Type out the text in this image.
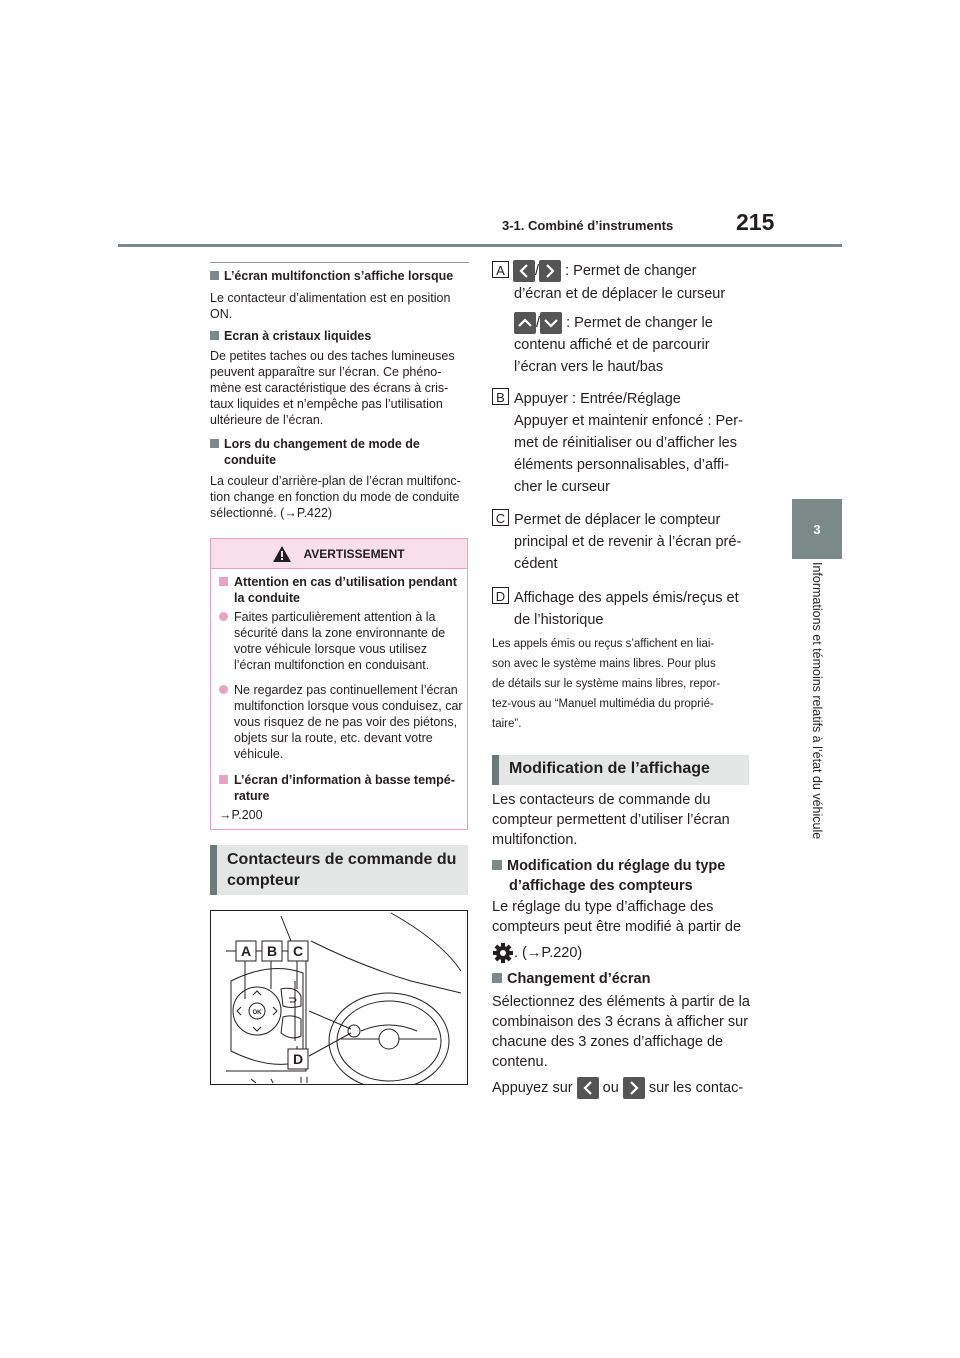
3-1. Combiné d’instruments	215
3
Informations et témoins relatifs à l’état du véhicule
L’écran multifonction s’affiche lorsque
Le contacteur d’alimentation est en position ON.
Ecran à cristaux liquides
De petites taches ou des taches lumineuses peuvent apparaître sur l’écran. Ce phéno-mène est caractéristique des écrans à cris-taux liquides et n’empêche pas l’utilisation ultérieure de l’écran.
Lors du changement de mode de conduite
La couleur d’arrière-plan de l’écran multifonc-tion change en fonction du mode de conduite sélectionné. (→P.422)
AVERTISSEMENT
Attention en cas d’utilisation pendant la conduite
Faites particulièrement attention à la sécurité dans la zone environnante de votre véhicule lorsque vous utilisez l’écran multifonction en conduisant.
Ne regardez pas continuellement l’écran multifonction lorsque vous conduisez, car vous risquez de ne pas voir des piétons, objets sur la route, etc. devant votre véhicule.
L’écran d’information à basse tempé-rature
→P.200
Contacteurs de commande du compteur
OK
A B C
D
A / : Permet de changer
d’écran et de déplacer le curseur
/ : Permet de changer le
contenu affiché et de parcourir
l’écran vers le haut/bas
B Appuyer : Entrée/Réglage
Appuyer et maintenir enfoncé : Per-
met de réinitialiser ou d’afficher les
éléments personnalisables, d’affi-
cher le curseur
C Permet de déplacer le compteur
principal et de revenir à l’écran pré-
cédent
D Affichage des appels émis/reçus et
de l’historique
Les appels émis ou reçus s’affichent en liai-
son avec le système mains libres. Pour plus
de détails sur le système mains libres, repor-
tez-vous au “Manuel multimédia du proprié-
taire”.
Modification de l’affichage
Les contacteurs de commande du compteur permettent d’utiliser l’écran multifonction.
Modification du réglage du type d’affichage des compteurs
Le réglage du type d’affichage des compteurs peut être modifié à partir de
. (→P.220)
Changement d’écran
Sélectionnez des éléments à partir de la combinaison des 3 écrans à afficher sur chacune des 3 zones d’affichage de contenu.
Appuyez sur ou sur les contac-
